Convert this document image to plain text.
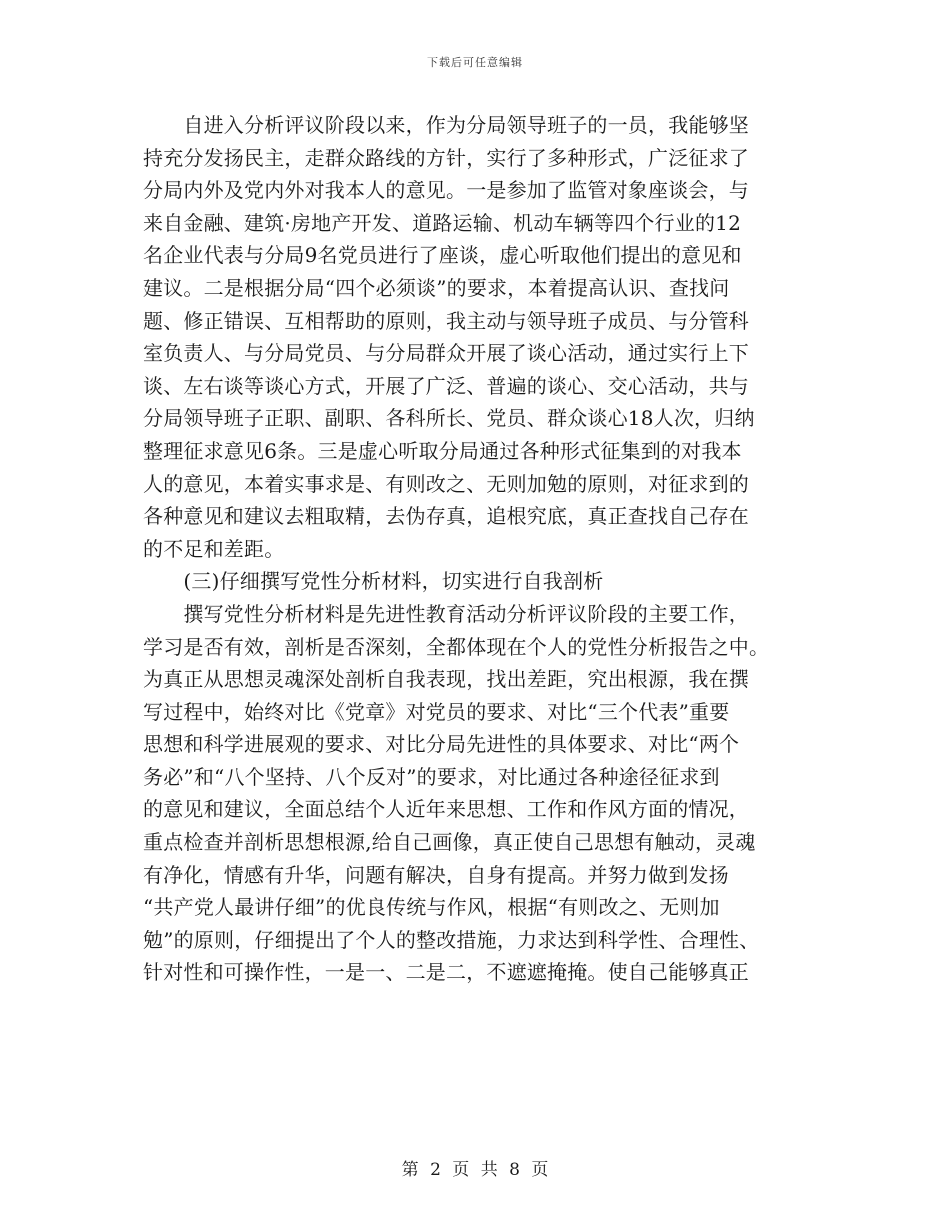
下载后可任意编辑
　　自进入分析评议阶段以来，作为分局领导班子的一员，我能够坚
持充分发扬民主，走群众路线的方针，实行了多种形式，广泛征求了
分局内外及党内外对我本人的意见。一是参加了监管对象座谈会，与
来自金融、建筑·房地产开发、道路运输、机动车辆等四个行业的12
名企业代表与分局9名党员进行了座谈，虚心听取他们提出的意见和
建议。二是根据分局“四个必须谈”的要求，本着提高认识、查找问
题、修正错误、互相帮助的原则，我主动与领导班子成员、与分管科
室负责人、与分局党员、与分局群众开展了谈心活动，通过实行上下
谈、左右谈等谈心方式，开展了广泛、普遍的谈心、交心活动，共与
分局领导班子正职、副职、各科所长、党员、群众谈心18人次，归纳
整理征求意见6条。三是虚心听取分局通过各种形式征集到的对我本
人的意见，本着实事求是、有则改之、无则加勉的原则，对征求到的
各种意见和建议去粗取精，去伪存真，追根究底，真正查找自己存在
的不足和差距。
　　(三)仔细撰写党性分析材料，切实进行自我剖析
　　撰写党性分析材料是先进性教育活动分析评议阶段的主要工作，
学习是否有效，剖析是否深刻，全都体现在个人的党性分析报告之中。
为真正从思想灵魂深处剖析自我表现，找出差距，究出根源，我在撰
写过程中，始终对比《党章》对党员的要求、对比“三个代表”重要
思想和科学进展观的要求、对比分局先进性的具体要求、对比“两个
务必”和“八个坚持、八个反对”的要求，对比通过各种途径征求到
的意见和建议，全面总结个人近年来思想、工作和作风方面的情况，
重点检查并剖析思想根源,给自己画像，真正使自己思想有触动，灵魂
有净化，情感有升华，问题有解决，自身有提高。并努力做到发扬
“共产党人最讲仔细”的优良传统与作风，根据“有则改之、无则加
勉”的原则，仔细提出了个人的整改措施，力求达到科学性、合理性、
针对性和可操作性，一是一、二是二，不遮遮掩掩。使自己能够真正
第 2 页 共 8 页
